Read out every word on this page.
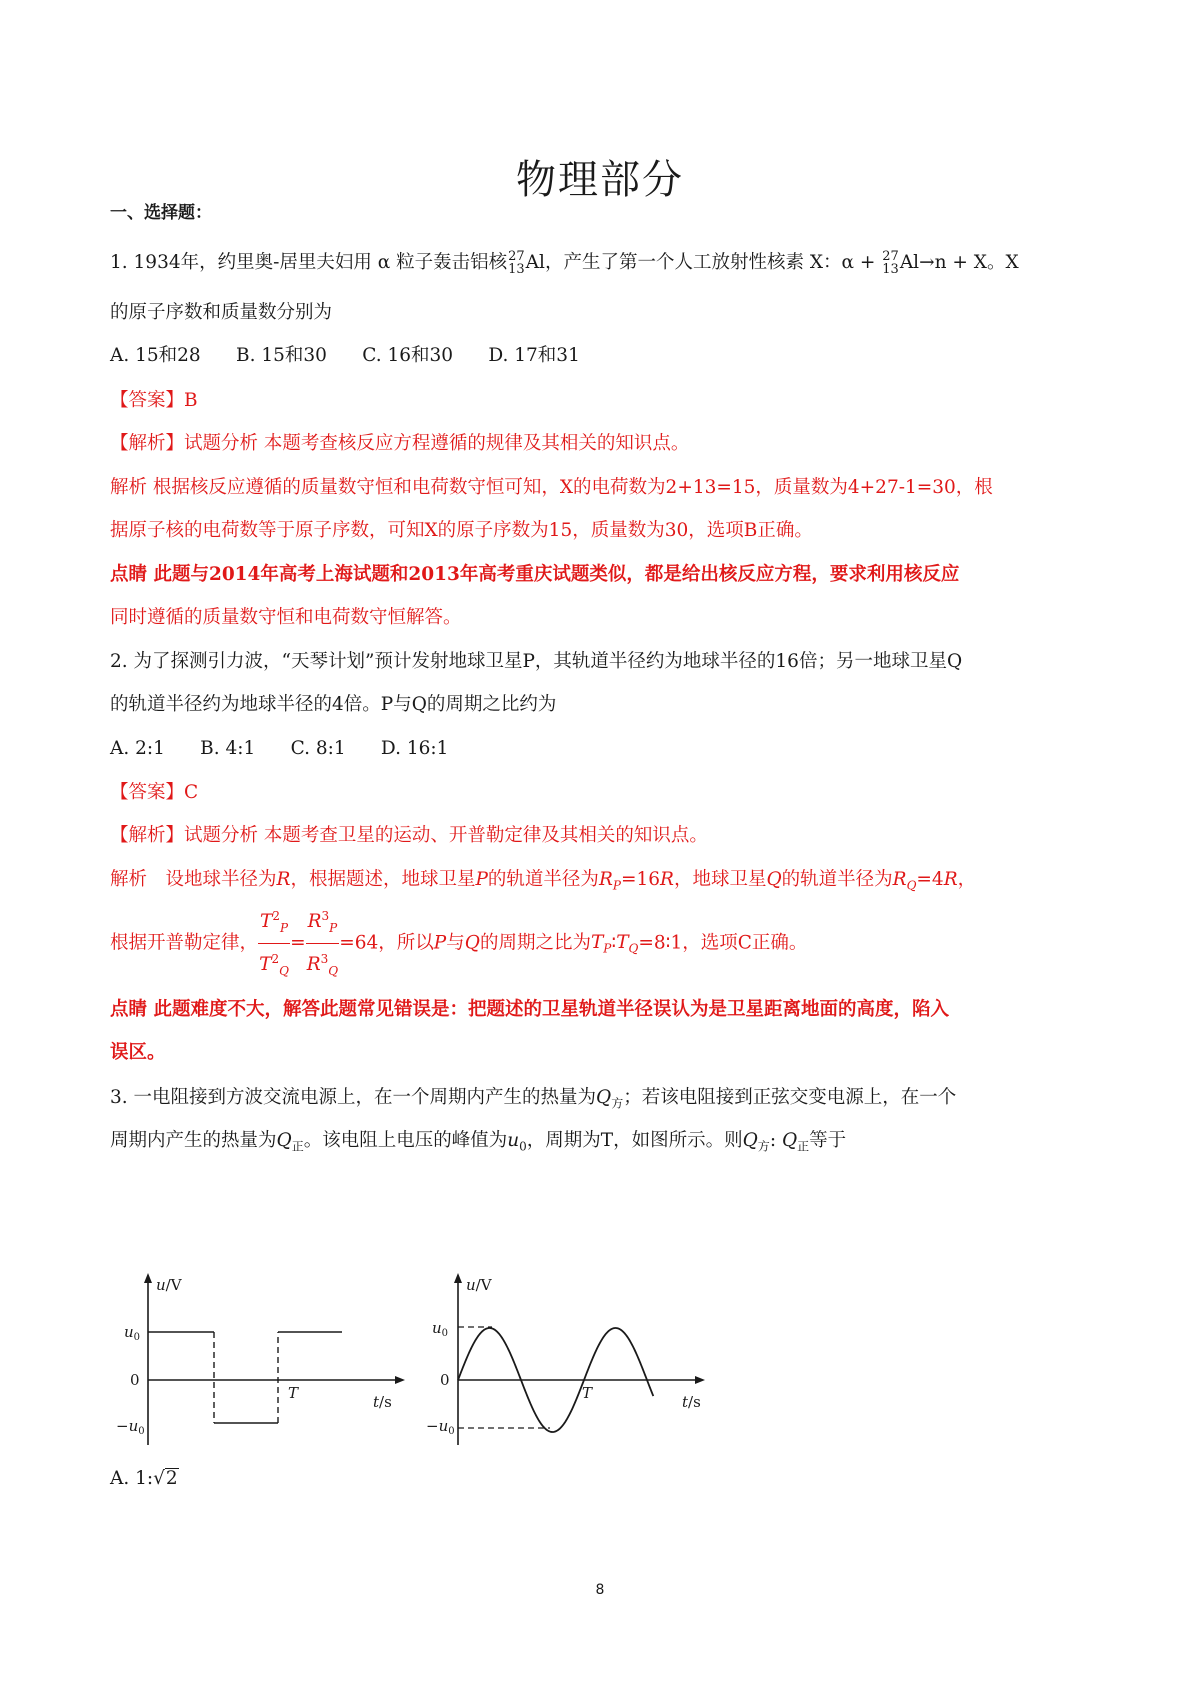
物理部分
一、选择题：
1. 1934年，约里奥-居里夫妇用 α 粒子轰击铝核 27
13 Al，产生了第一个人工放射性核素 X：α + 27
13 Al→n + X。X
的原子序数和质量数分别为
A. 15和28      B. 15和30      C. 16和30      D. 17和31
【答案】B
【解析】试题分析 本题考查核反应方程遵循的规律及其相关的知识点。
解析 根据核反应遵循的质量数守恒和电荷数守恒可知，X的电荷数为2+13=15，质量数为4+27-1=30，根
据原子核的电荷数等于原子序数，可知X的原子序数为15，质量数为30，选项B正确。
点睛 此题与2014年高考上海试题和2013年高考重庆试题类似，都是给出核反应方程，要求利用核反应
同时遵循的质量数守恒和电荷数守恒解答。
2. 为了探测引力波，“天琴计划”预计发射地球卫星P，其轨道半径约为地球半径的16倍；另一地球卫星Q
的轨道半径约为地球半径的4倍。P与Q的周期之比约为
A. 2:1      B. 4:1      C. 8:1      D. 16:1
【答案】C
【解析】试题分析 本题考查卫星的运动、开普勒定律及其相关的知识点。
解析　设地球半径为R，根据题述，地球卫星P的轨道半径为$R_P=16R$，地球卫星Q的轨道半径为$R_Q=4R$，
根据开普勒定律， $\frac{T^2_P}{T^2_Q} = \frac{R^3_P}{R^3_Q} =64$，所以P与Q的周期之比为$T_P∶T_Q=8∶1$，选项C正确。
点睛 此题难度不大，解答此题常见错误是：把题述的卫星轨道半径误认为是卫星距离地面的高度，陷入
误区。
3. 一电阻接到方波交流电源上，在一个周期内产生的热量为$Q_方$；若该电阻接到正弦交变电源上，在一个
周期内产生的热量为$Q_正$。该电阻上电压的峰值为$u_0$，周期为T，如图所示。则$Q_方$: $Q_正$等于
u/V
$u_0$
0
$-u_0$
T	t/s
u/V
$u_0$
0
$-u_0$
T	t/s
A. 1:√2
8
